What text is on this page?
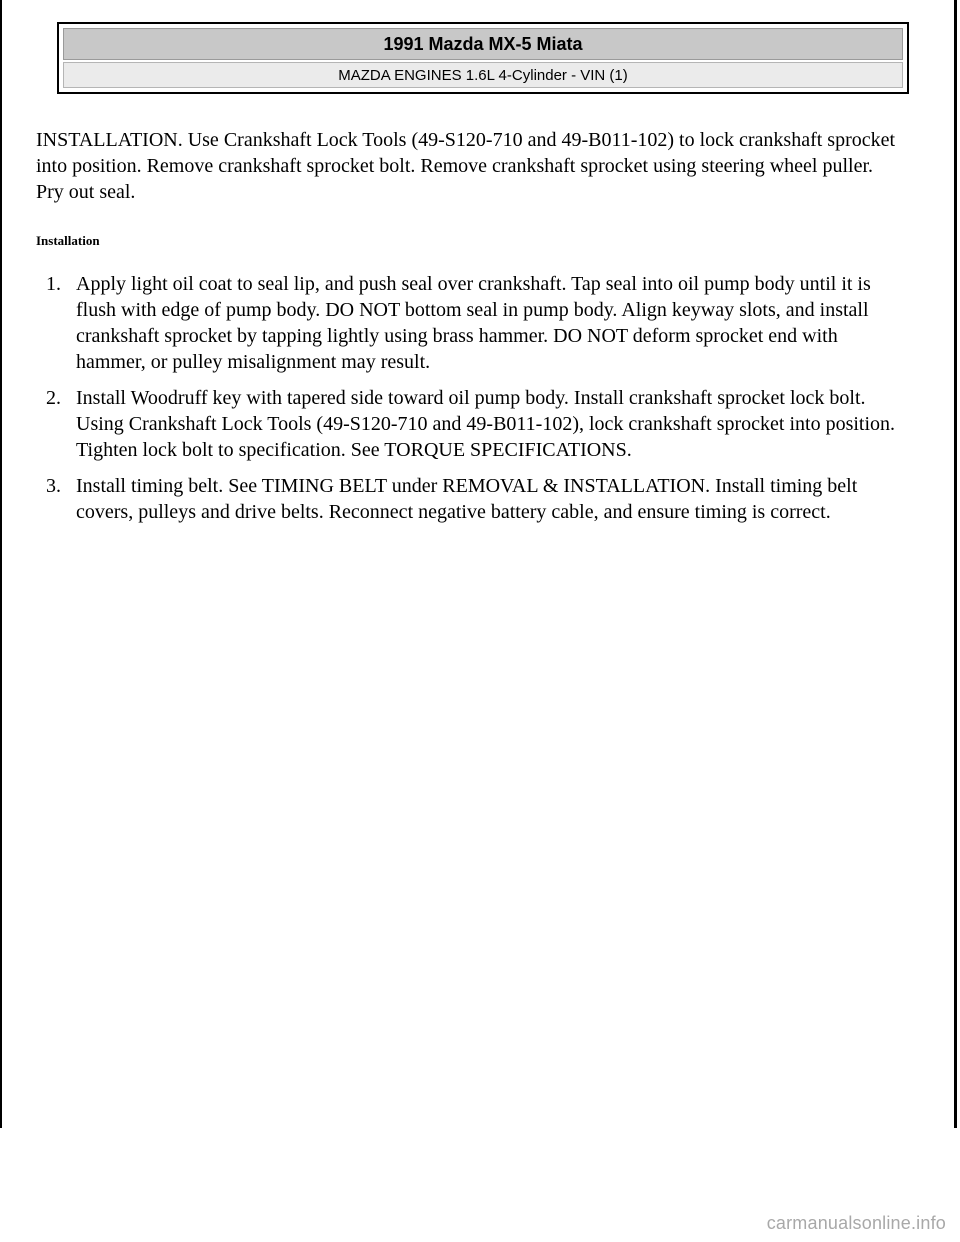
1991 Mazda MX-5 Miata
MAZDA ENGINES 1.6L 4-Cylinder - VIN (1)

INSTALLATION. Use Crankshaft Lock Tools (49-S120-710 and 49-B011-102) to lock crankshaft sprocket into position. Remove crankshaft sprocket bolt. Remove crankshaft sprocket using steering wheel puller. Pry out seal.

Installation
1. Apply light oil coat to seal lip, and push seal over crankshaft. Tap seal into oil pump body until it is flush with edge of pump body. DO NOT bottom seal in pump body. Align keyway slots, and install crankshaft sprocket by tapping lightly using brass hammer. DO NOT deform sprocket end with hammer, or pulley misalignment may result.
2. Install Woodruff key with tapered side toward oil pump body. Install crankshaft sprocket lock bolt. Using Crankshaft Lock Tools (49-S120-710 and 49-B011-102), lock crankshaft sprocket into position. Tighten lock bolt to specification. See TORQUE SPECIFICATIONS.
3. Install timing belt. See TIMING BELT under REMOVAL & INSTALLATION. Install timing belt covers, pulleys and drive belts. Reconnect negative battery cable, and ensure timing is correct.
carmanualsonline.info
